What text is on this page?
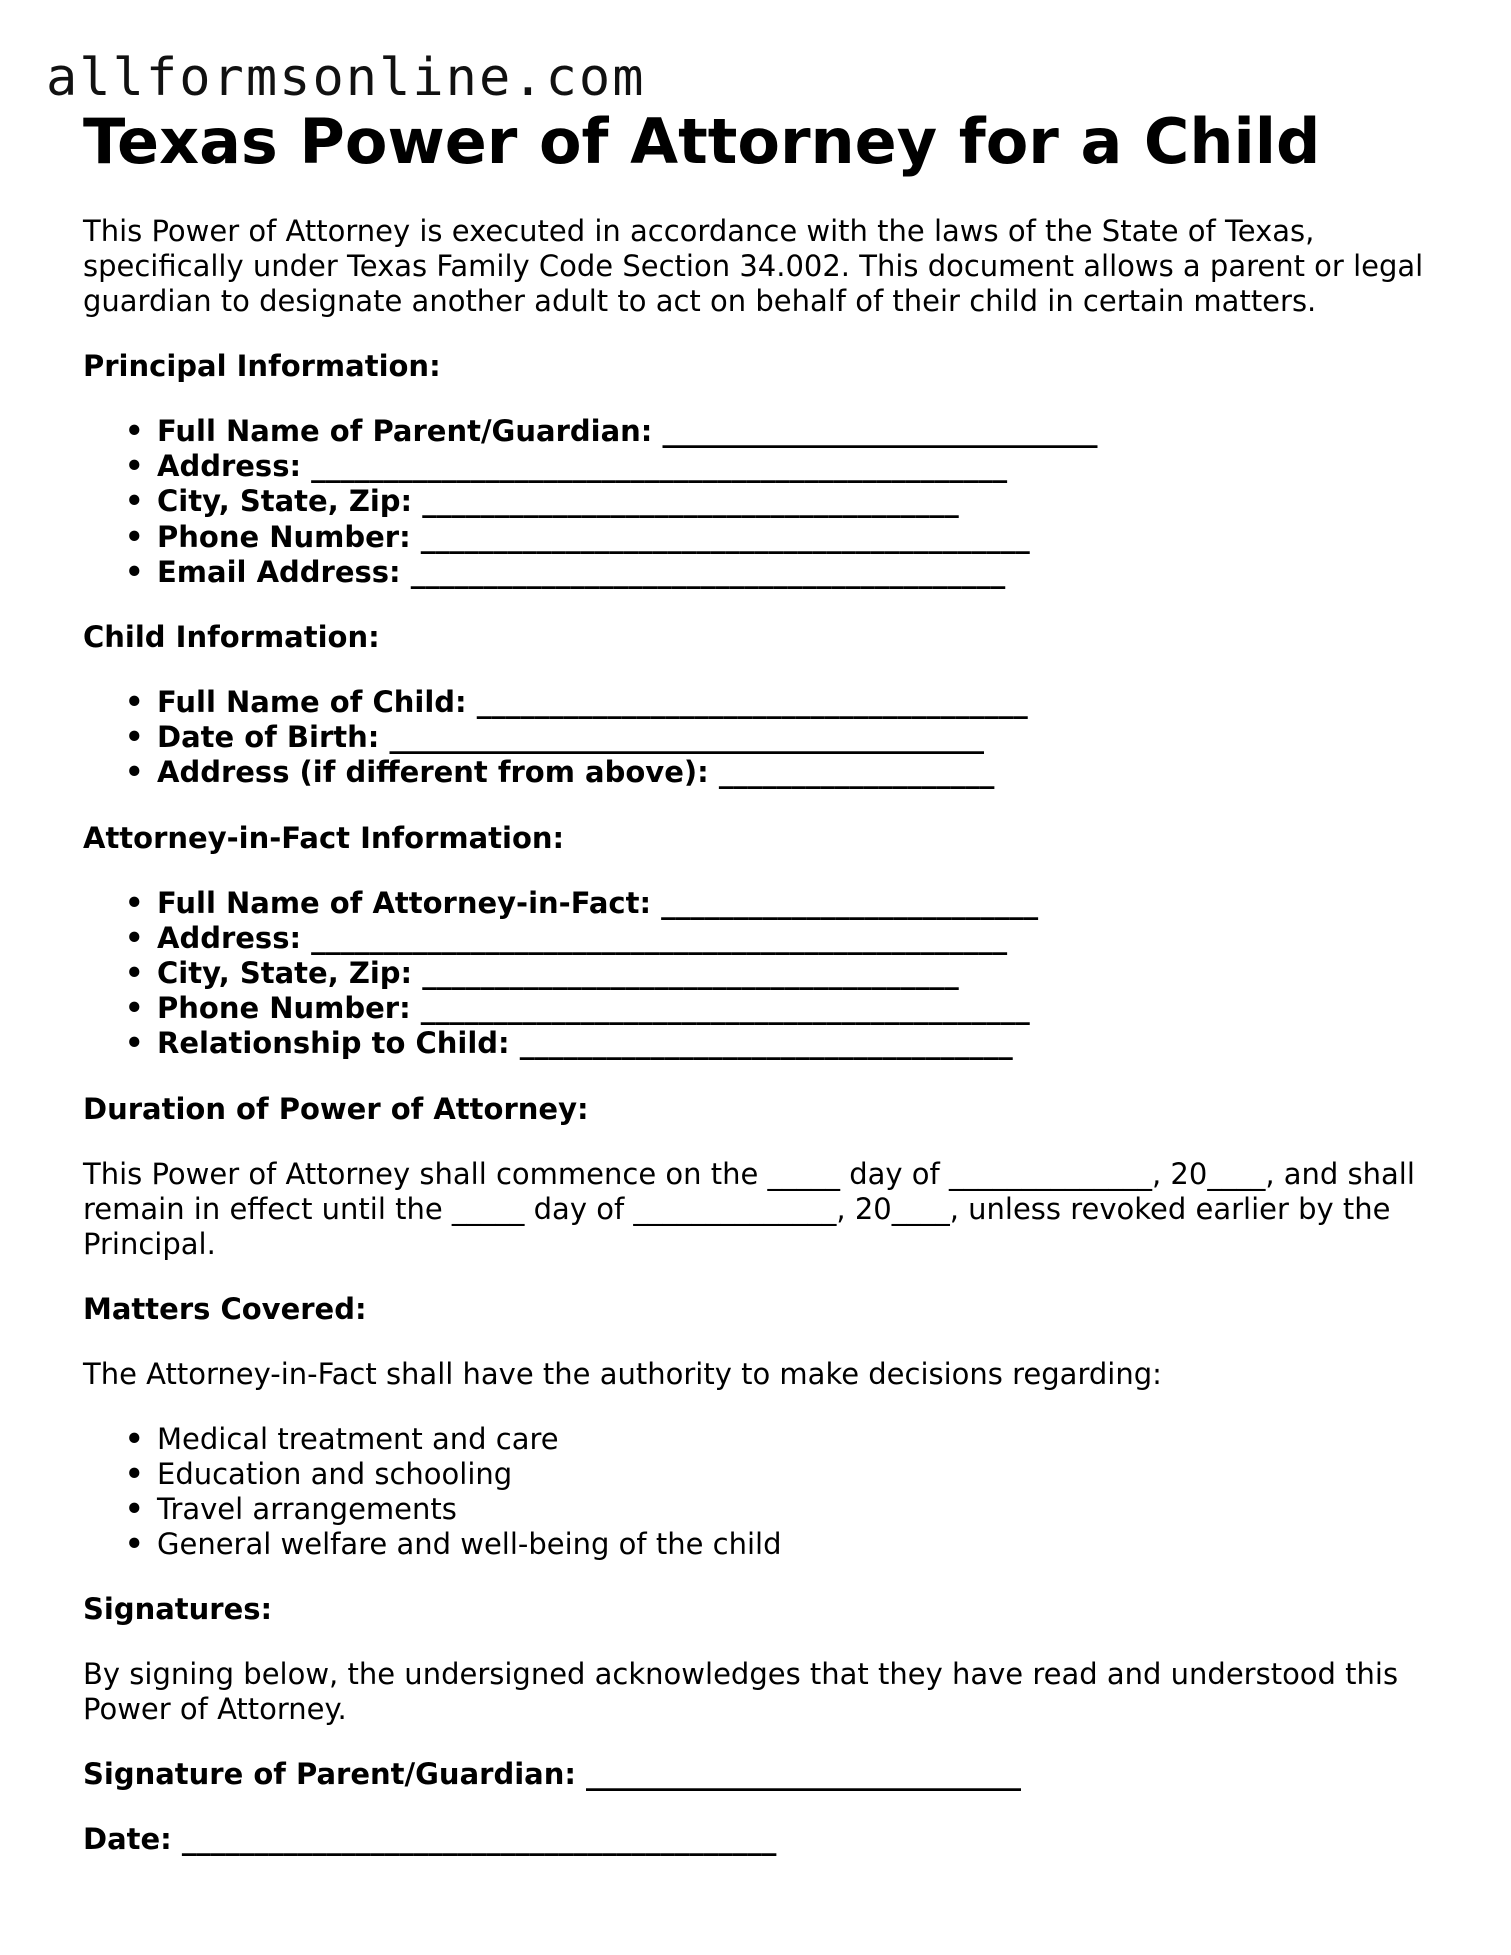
allformsonline.com
Texas Power of Attorney for a Child

This Power of Attorney is executed in accordance with the laws of the State of Texas, specifically under Texas Family Code Section 34.002. This document allows a parent or legal guardian to designate another adult to act on behalf of their child in certain matters.

Principal Information:
• Full Name of Parent/Guardian: ______________________________
• Address: ________________________________________________
• City, State, Zip: _____________________________________
• Phone Number: __________________________________________
• Email Address: _________________________________________
Child Information:
• Full Name of Child: ______________________________________
• Date of Birth: _________________________________________
• Address (if different from above): ___________________
Attorney-in-Fact Information:
• Full Name of Attorney-in-Fact: __________________________
• Address: ________________________________________________
• City, State, Zip: _____________________________________
• Phone Number: __________________________________________
• Relationship to Child: __________________________________
Duration of Power of Attorney:

This Power of Attorney shall commence on the _____ day of ______________, 20____, and shall remain in effect until the _____ day of ______________, 20____, unless revoked earlier by the Principal.

Matters Covered:

The Attorney-in-Fact shall have the authority to make decisions regarding:

• Medical treatment and care
• Education and schooling
• Travel arrangements
• General welfare and well-being of the child
Signatures:

By signing below, the undersigned acknowledges that they have read and understood this Power of Attorney.

Signature of Parent/Guardian: ______________________________
Date: _________________________________________
